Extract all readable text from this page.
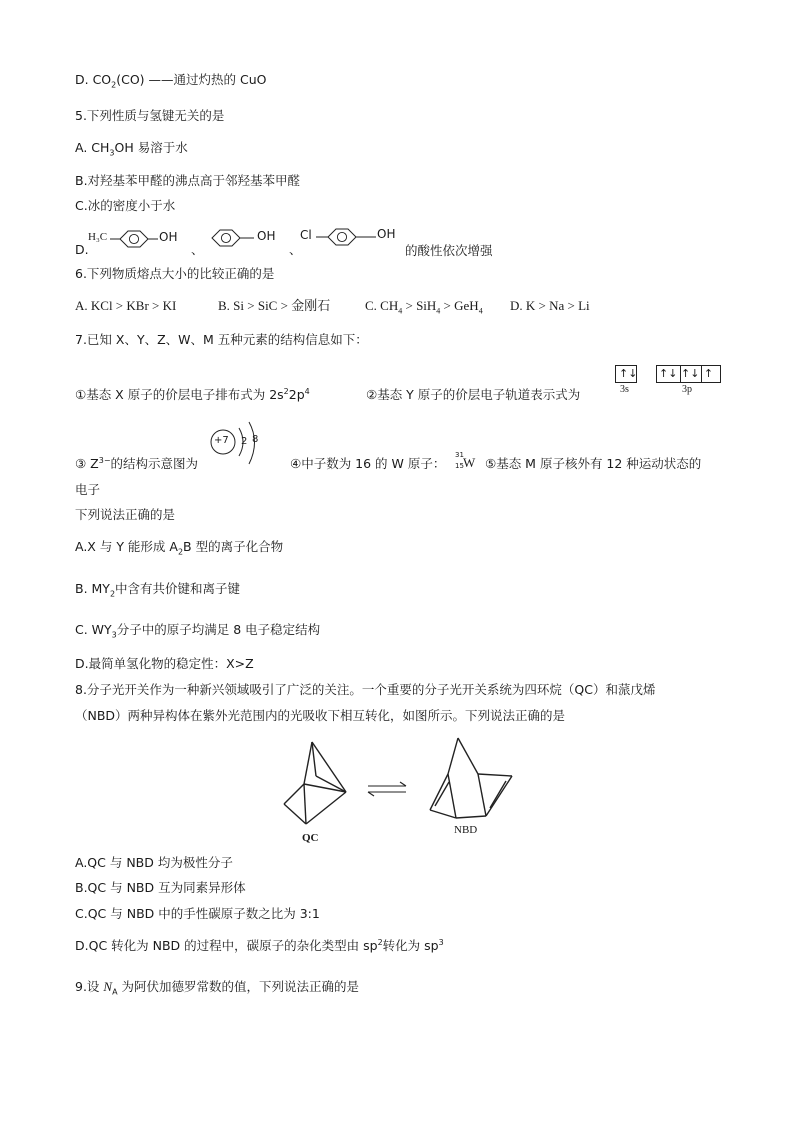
D. $CO_2(CO)$ ——通过灼热的 CuO
5.下列性质与氢键无关的是
A. $CH_3OH$ 易溶于水
B.对羟基苯甲醛的沸点高于邻羟基苯甲醛
C.冰的密度小于水
D.
H₃C	OH
、
OH
、
Cl	OH
的酸性依次增强
6.下列物质熔点大小的比较正确的是
A. KCl > KBr > KI	B. Si > SiC > 金刚石	C. $CH_4 > SiH_4 > GeH_4$ D. K > Na > Li
7.已知 X、Y、Z、W、M 五种元素的结构信息如下：
①基态 X 原子的价层电子排布式为 $2s^22p^4$	②基态 Y 原子的价层电子轨道表示式为
↑↓
3s
↑↓ ↑↓ ↑
3p
③ $Z^{3-}$的结构示意图为
+7 2 8
④中子数为 16 的 W 原子：
31
15 W ⑤基态 M 原子核外有 12 种运动状态的
电子
下列说法正确的是
A.X 与 Y 能形成 $A_2B$ 型的离子化合物
B. $MY_2$中含有共价键和离子键
C. $WY_3$分子中的原子均满足 8 电子稳定结构
D.最简单氢化物的稳定性：X>Z
8.分子光开关作为一种新兴领域吸引了广泛的关注。一个重要的分子光开关系统为四环烷（QC）和蒎戊烯
（NBD）两种异构体在紫外光范围内的光吸收下相互转化，如图所示。下列说法正确的是
QC
NBD
A.QC 与 NBD 均为极性分子
B.QC 与 NBD 互为同素异形体
C.QC 与 NBD 中的手性碳原子数之比为 3:1
D.QC 转化为 NBD 的过程中，碳原子的杂化类型由 $sp^2$转化为 $sp^3$
9.设 $N_A$ 为阿伏加德罗常数的值，下列说法正确的是
